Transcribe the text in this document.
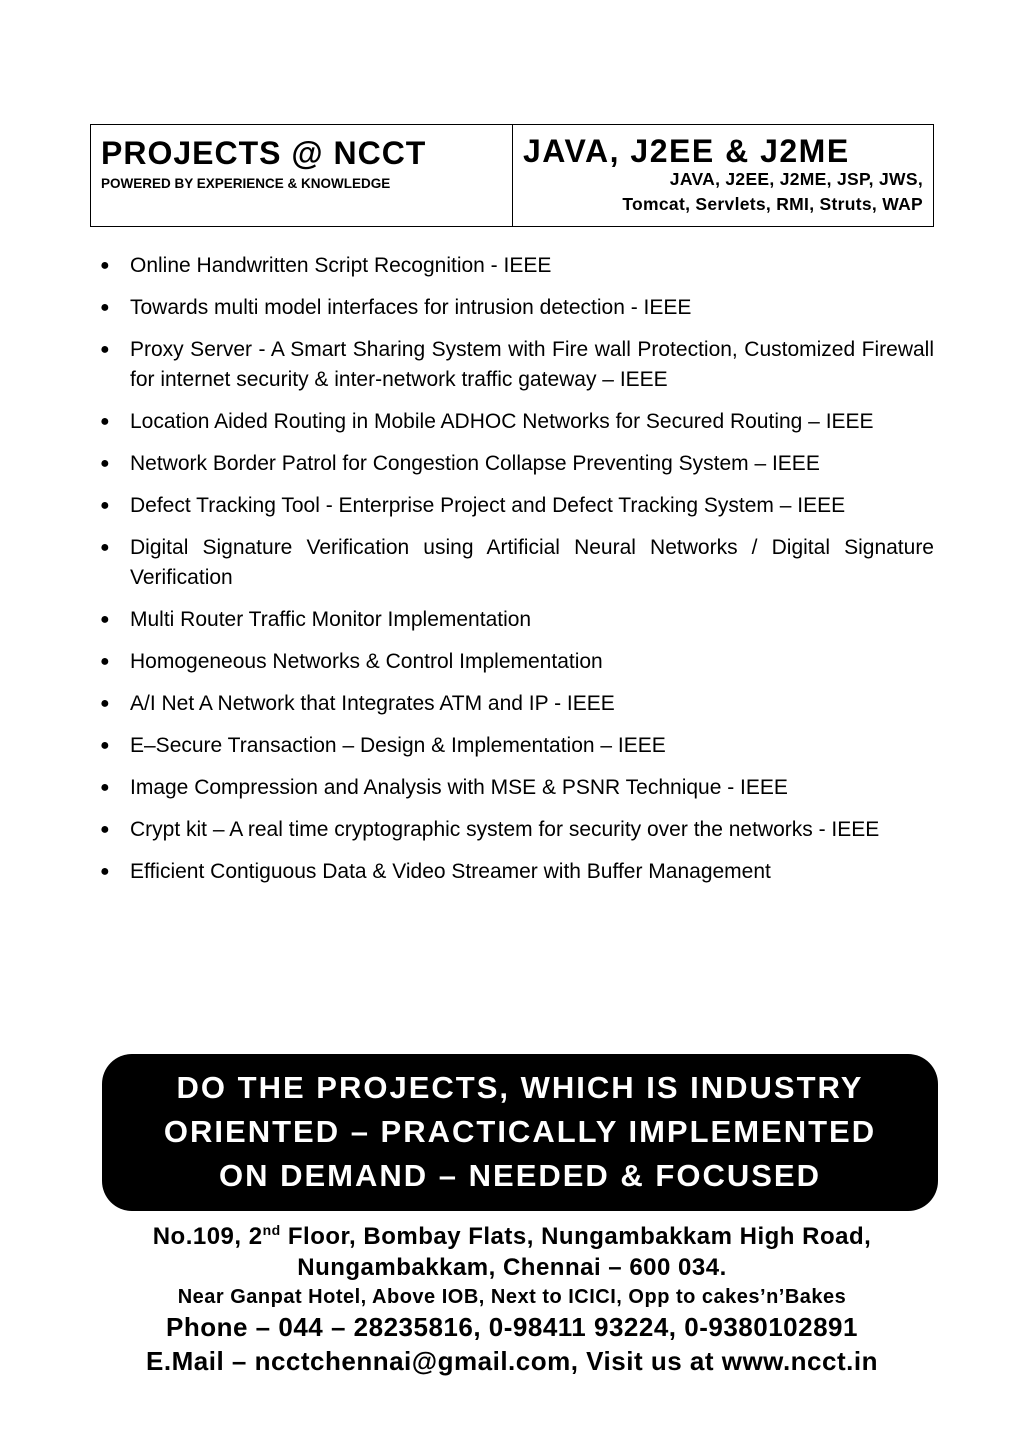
PROJECTS @ NCCT
POWERED BY EXPERIENCE & KNOWLEDGE
JAVA, J2EE & J2ME
JAVA, J2EE, J2ME, JSP, JWS,
Tomcat, Servlets, RMI, Struts, WAP
● Online Handwritten Script Recognition - IEEE
● Towards multi model interfaces for intrusion detection - IEEE
● Proxy Server - A Smart Sharing System with Fire wall Protection, Customized Firewall for internet security & inter-network traffic gateway – IEEE
● Location Aided Routing in Mobile ADHOC Networks for Secured Routing – IEEE
● Network Border Patrol for Congestion Collapse Preventing System – IEEE
● Defect Tracking Tool - Enterprise Project and Defect Tracking System – IEEE
● Digital Signature Verification using Artificial Neural Networks / Digital Signature Verification
● Multi Router Traffic Monitor Implementation
● Homogeneous Networks & Control Implementation
● A/I Net A Network that Integrates ATM and IP - IEEE
● E–Secure Transaction – Design & Implementation – IEEE
● Image Compression and Analysis with MSE & PSNR Technique - IEEE
● Crypt kit – A real time cryptographic system for security over the networks - IEEE
● Efficient Contiguous Data & Video Streamer with Buffer Management
DO THE PROJECTS, WHICH IS INDUSTRY
ORIENTED – PRACTICALLY IMPLEMENTED
ON DEMAND – NEEDED & FOCUSED
No.109, 2nd Floor, Bombay Flats, Nungambakkam High Road,
Nungambakkam, Chennai – 600 034.
Near Ganpat Hotel, Above IOB, Next to ICICI, Opp to cakes’n’Bakes
Phone – 044 – 28235816, 0-98411 93224, 0-9380102891
E.Mail – ncctchennai@gmail.com, Visit us at www.ncct.in
